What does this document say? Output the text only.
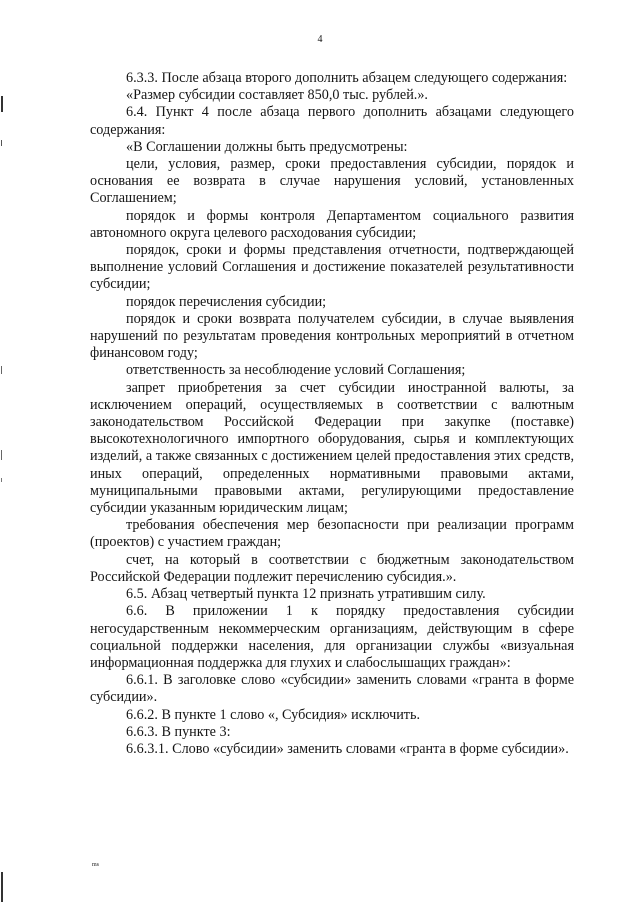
4

6.3.3. После абзаца второго дополнить абзацем следующего содержания:

«Размер субсидии составляет 850,0 тыс. рублей.».

6.4. Пункт 4 после абзаца первого дополнить абзацами следующего содержания:

«В Соглашении должны быть предусмотрены:

цели, условия, размер, сроки предоставления субсидии, порядок и основания ее возврата в случае нарушения условий, установленных Соглашением;

порядок и формы контроля Департаментом социального развития автономного округа целевого расходования субсидии;

порядок, сроки и формы представления отчетности, подтверждающей выполнение условий Соглашения и достижение показателей результативности субсидии;

порядок перечисления субсидии;

порядок и сроки возврата получателем субсидии, в случае выявления нарушений по результатам проведения контрольных мероприятий в отчетном финансовом году;

ответственность за несоблюдение условий Соглашения;

запрет приобретения за счет субсидии иностранной валюты, за исключением операций, осуществляемых в соответствии с валютным законодательством Российской Федерации при закупке (поставке) высокотехнологичного импортного оборудования, сырья и комплектующих изделий, а также связанных с достижением целей предоставления этих средств, иных операций, определенных нормативными правовыми актами, муниципальными правовыми актами, регулирующими предоставление субсидии указанным юридическим лицам;

требования обеспечения мер безопасности при реализации программ (проектов) с участием граждан;

счет, на который в соответствии с бюджетным законодательством Российской Федерации подлежит перечислению субсидия.».

6.5. Абзац четвертый пункта 12 признать утратившим силу.

6.6. В приложении 1 к порядку предоставления субсидии негосударственным некоммерческим организациям, действующим в сфере социальной поддержки населения, для организации службы «визуальная информационная поддержка для глухих и слабослышащих граждан»:

6.6.1. В заголовке слово «субсидии» заменить словами «гранта в форме субсидии».

6.6.2. В пункте 1 слово «, Субсидия» исключить.

6.6.3. В пункте 3:

6.6.3.1. Слово «субсидии» заменить словами «гранта в форме субсидии».

ms
